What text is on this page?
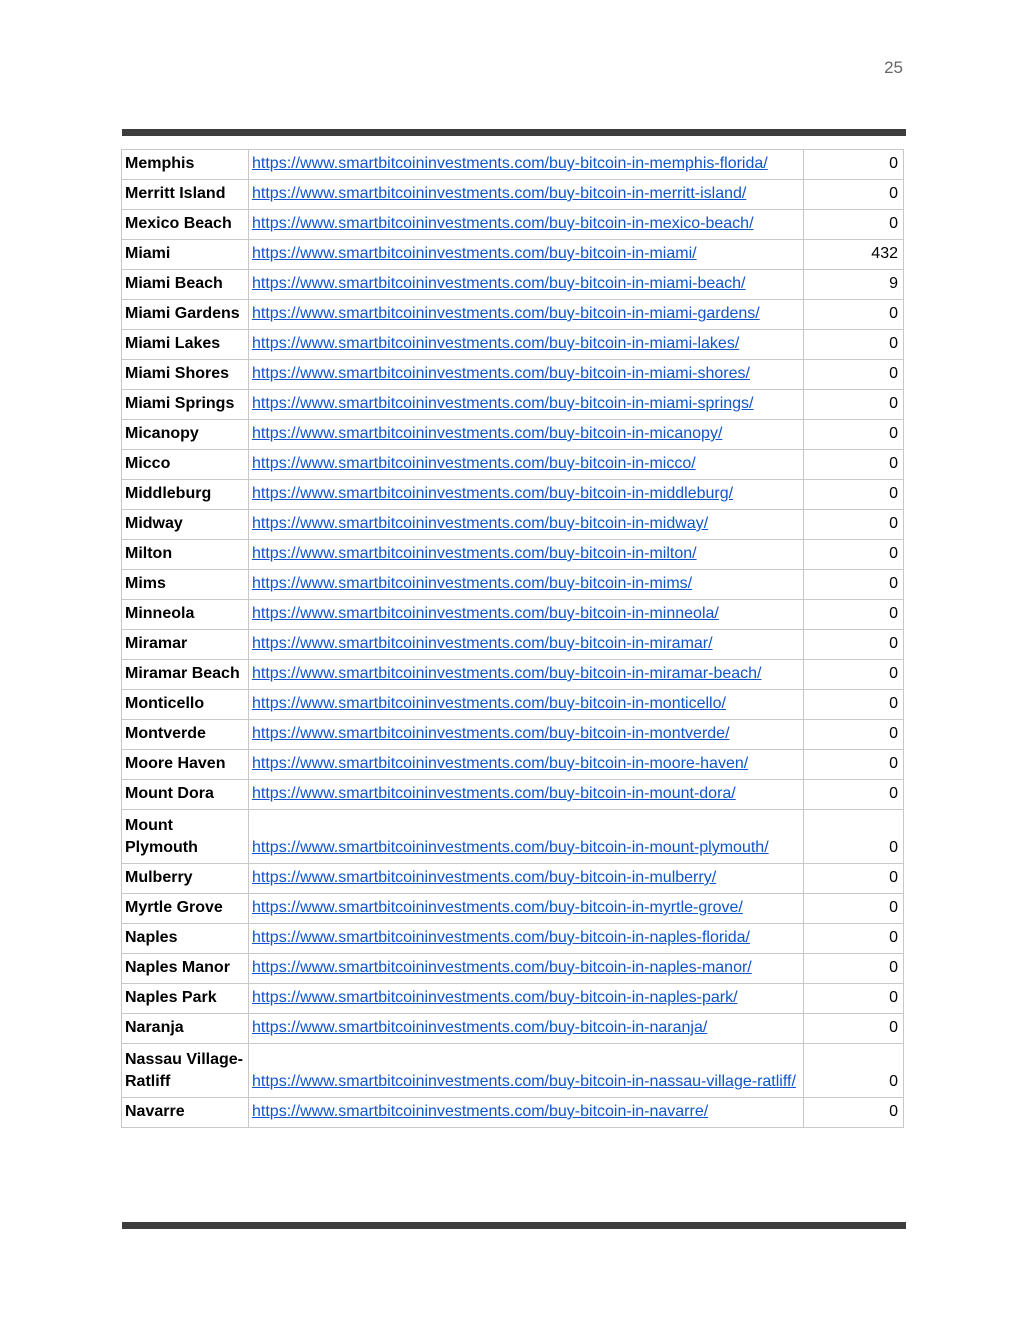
25
Memphis	https://www.smartbitcoininvestments.com/buy-bitcoin-in-memphis-florida/	0
Merritt Island	https://www.smartbitcoininvestments.com/buy-bitcoin-in-merritt-island/	0
Mexico Beach	https://www.smartbitcoininvestments.com/buy-bitcoin-in-mexico-beach/	0
Miami	https://www.smartbitcoininvestments.com/buy-bitcoin-in-miami/	432
Miami Beach	https://www.smartbitcoininvestments.com/buy-bitcoin-in-miami-beach/	9
Miami Gardens	https://www.smartbitcoininvestments.com/buy-bitcoin-in-miami-gardens/	0
Miami Lakes	https://www.smartbitcoininvestments.com/buy-bitcoin-in-miami-lakes/	0
Miami Shores	https://www.smartbitcoininvestments.com/buy-bitcoin-in-miami-shores/	0
Miami Springs	https://www.smartbitcoininvestments.com/buy-bitcoin-in-miami-springs/	0
Micanopy	https://www.smartbitcoininvestments.com/buy-bitcoin-in-micanopy/	0
Micco	https://www.smartbitcoininvestments.com/buy-bitcoin-in-micco/	0
Middleburg	https://www.smartbitcoininvestments.com/buy-bitcoin-in-middleburg/	0
Midway	https://www.smartbitcoininvestments.com/buy-bitcoin-in-midway/	0
Milton	https://www.smartbitcoininvestments.com/buy-bitcoin-in-milton/	0
Mims	https://www.smartbitcoininvestments.com/buy-bitcoin-in-mims/	0
Minneola	https://www.smartbitcoininvestments.com/buy-bitcoin-in-minneola/	0
Miramar	https://www.smartbitcoininvestments.com/buy-bitcoin-in-miramar/	0
Miramar Beach	https://www.smartbitcoininvestments.com/buy-bitcoin-in-miramar-beach/	0
Monticello	https://www.smartbitcoininvestments.com/buy-bitcoin-in-monticello/	0
Montverde	https://www.smartbitcoininvestments.com/buy-bitcoin-in-montverde/	0
Moore Haven	https://www.smartbitcoininvestments.com/buy-bitcoin-in-moore-haven/	0
Mount Dora	https://www.smartbitcoininvestments.com/buy-bitcoin-in-mount-dora/	0
Mount Plymouth	https://www.smartbitcoininvestments.com/buy-bitcoin-in-mount-plymouth/	0
Mulberry	https://www.smartbitcoininvestments.com/buy-bitcoin-in-mulberry/	0
Myrtle Grove	https://www.smartbitcoininvestments.com/buy-bitcoin-in-myrtle-grove/	0
Naples	https://www.smartbitcoininvestments.com/buy-bitcoin-in-naples-florida/	0
Naples Manor	https://www.smartbitcoininvestments.com/buy-bitcoin-in-naples-manor/	0
Naples Park	https://www.smartbitcoininvestments.com/buy-bitcoin-in-naples-park/	0
Naranja	https://www.smartbitcoininvestments.com/buy-bitcoin-in-naranja/	0
Nassau Village-Ratliff	https://www.smartbitcoininvestments.com/buy-bitcoin-in-nassau-village-ratliff/	0
Navarre	https://www.smartbitcoininvestments.com/buy-bitcoin-in-navarre/	0
